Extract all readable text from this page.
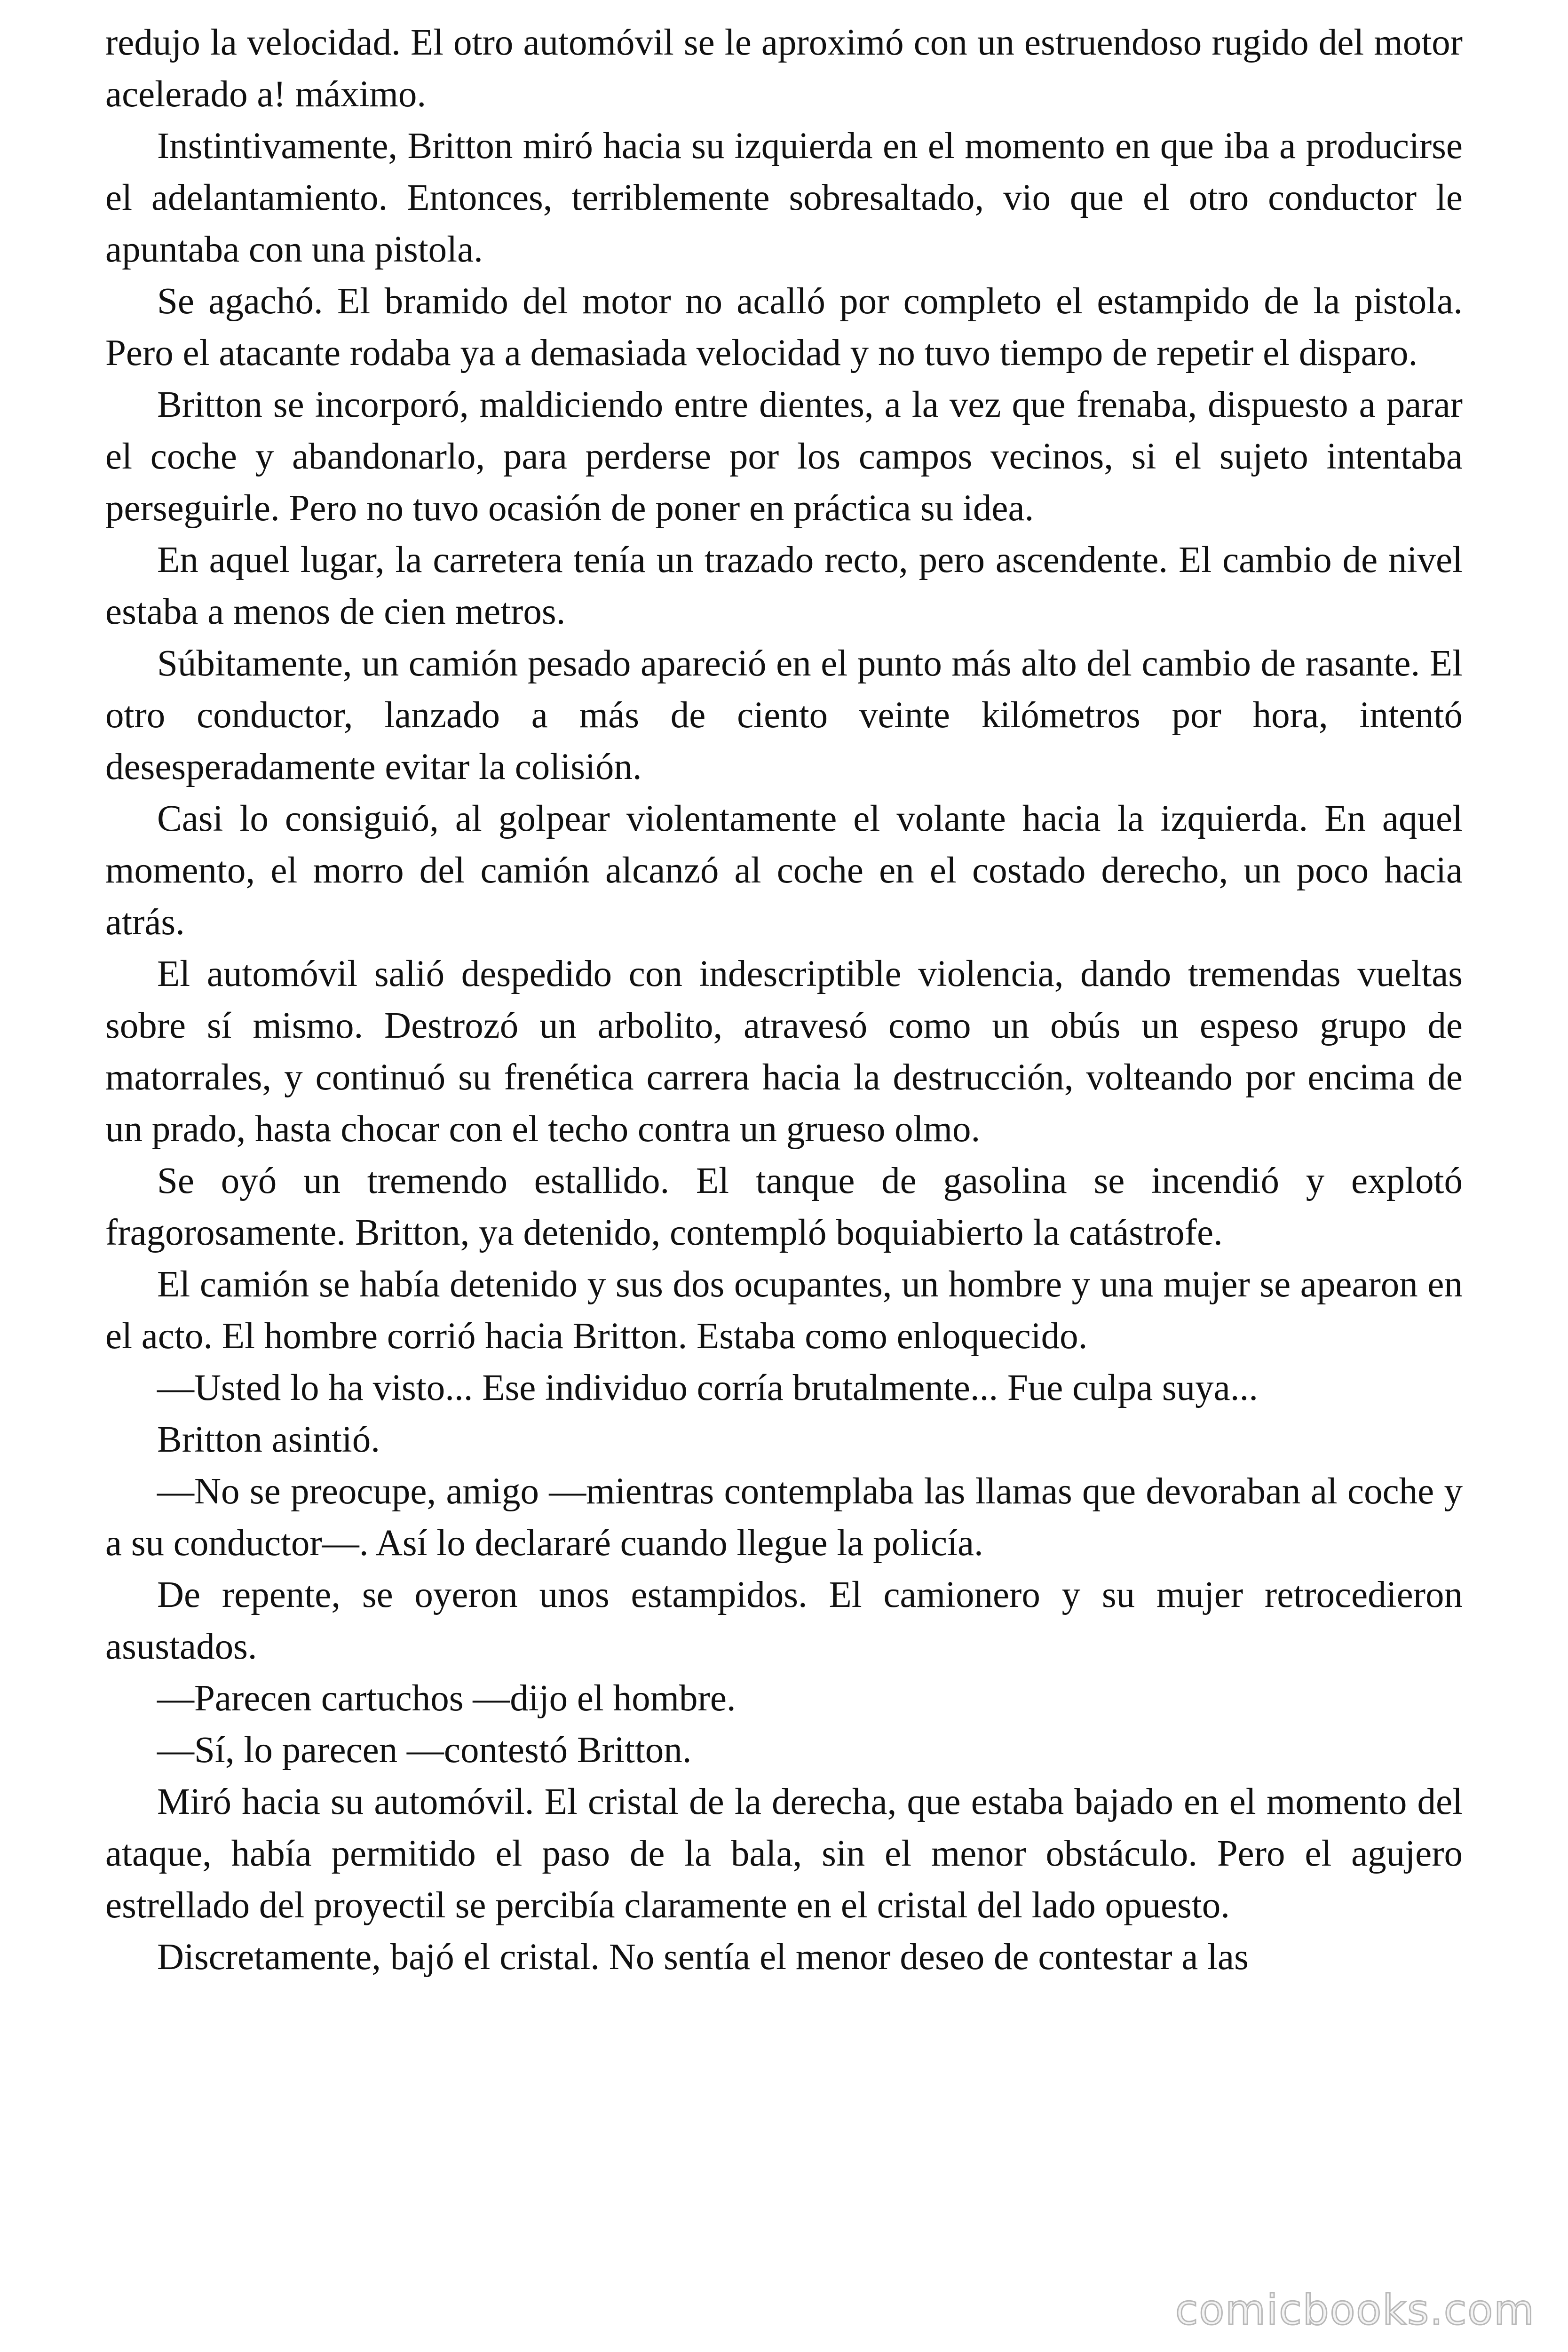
redujo la velocidad. El otro automóvil se le aproximó con un estruendoso rugido del motor acelerado a! máximo.

Instintivamente, Britton miró hacia su izquierda en el momento en que iba a producirse el adelantamiento. Entonces, terriblemente sobresaltado, vio que el otro conductor le apuntaba con una pistola.

Se agachó. El bramido del motor no acalló por completo el estampido de la pistola. Pero el atacante rodaba ya a demasiada velocidad y no tuvo tiempo de repetir el disparo.

Britton se incorporó, maldiciendo entre dientes, a la vez que frenaba, dispuesto a parar el coche y abandonarlo, para perderse por los campos vecinos, si el sujeto intentaba perseguirle. Pero no tuvo ocasión de poner en práctica su idea.

En aquel lugar, la carretera tenía un trazado recto, pero ascendente. El cambio de nivel estaba a menos de cien metros.

Súbitamente, un camión pesado apareció en el punto más alto del cambio de rasante. El otro conductor, lanzado a más de ciento veinte kilómetros por hora, intentó desesperadamente evitar la colisión.

Casi lo consiguió, al golpear violentamente el volante hacia la izquierda. En aquel momento, el morro del camión alcanzó al coche en el costado derecho, un poco hacia atrás.

El automóvil salió despedido con indescriptible violencia, dando tremendas vueltas sobre sí mismo. Destrozó un arbolito, atravesó como un obús un espeso grupo de matorrales, y continuó su frenética carrera hacia la destrucción, volteando por encima de un prado, hasta chocar con el techo contra un grueso olmo.

Se oyó un tremendo estallido. El tanque de gasolina se incendió y explotó fragorosamente. Britton, ya detenido, contempló boquiabierto la catástrofe.

El camión se había detenido y sus dos ocupantes, un hombre y una mujer se apearon en el acto. El hombre corrió hacia Britton. Estaba como enloquecido.

—Usted lo ha visto... Ese individuo corría brutalmente... Fue culpa suya...

Britton asintió.

—No se preocupe, amigo —mientras contemplaba las llamas que devoraban al coche y a su conductor—. Así lo declararé cuando llegue la policía.

De repente, se oyeron unos estampidos. El camionero y su mujer retrocedieron asustados.

—Parecen cartuchos —dijo el hombre.

—Sí, lo parecen —contestó Britton.

Miró hacia su automóvil. El cristal de la derecha, que estaba bajado en el momento del ataque, había permitido el paso de la bala, sin el menor obstáculo. Pero el agujero estrellado del proyectil se percibía claramente en el cristal del lado opuesto.

Discretamente, bajó el cristal. No sentía el menor deseo de contestar a las

comicbooks.com
